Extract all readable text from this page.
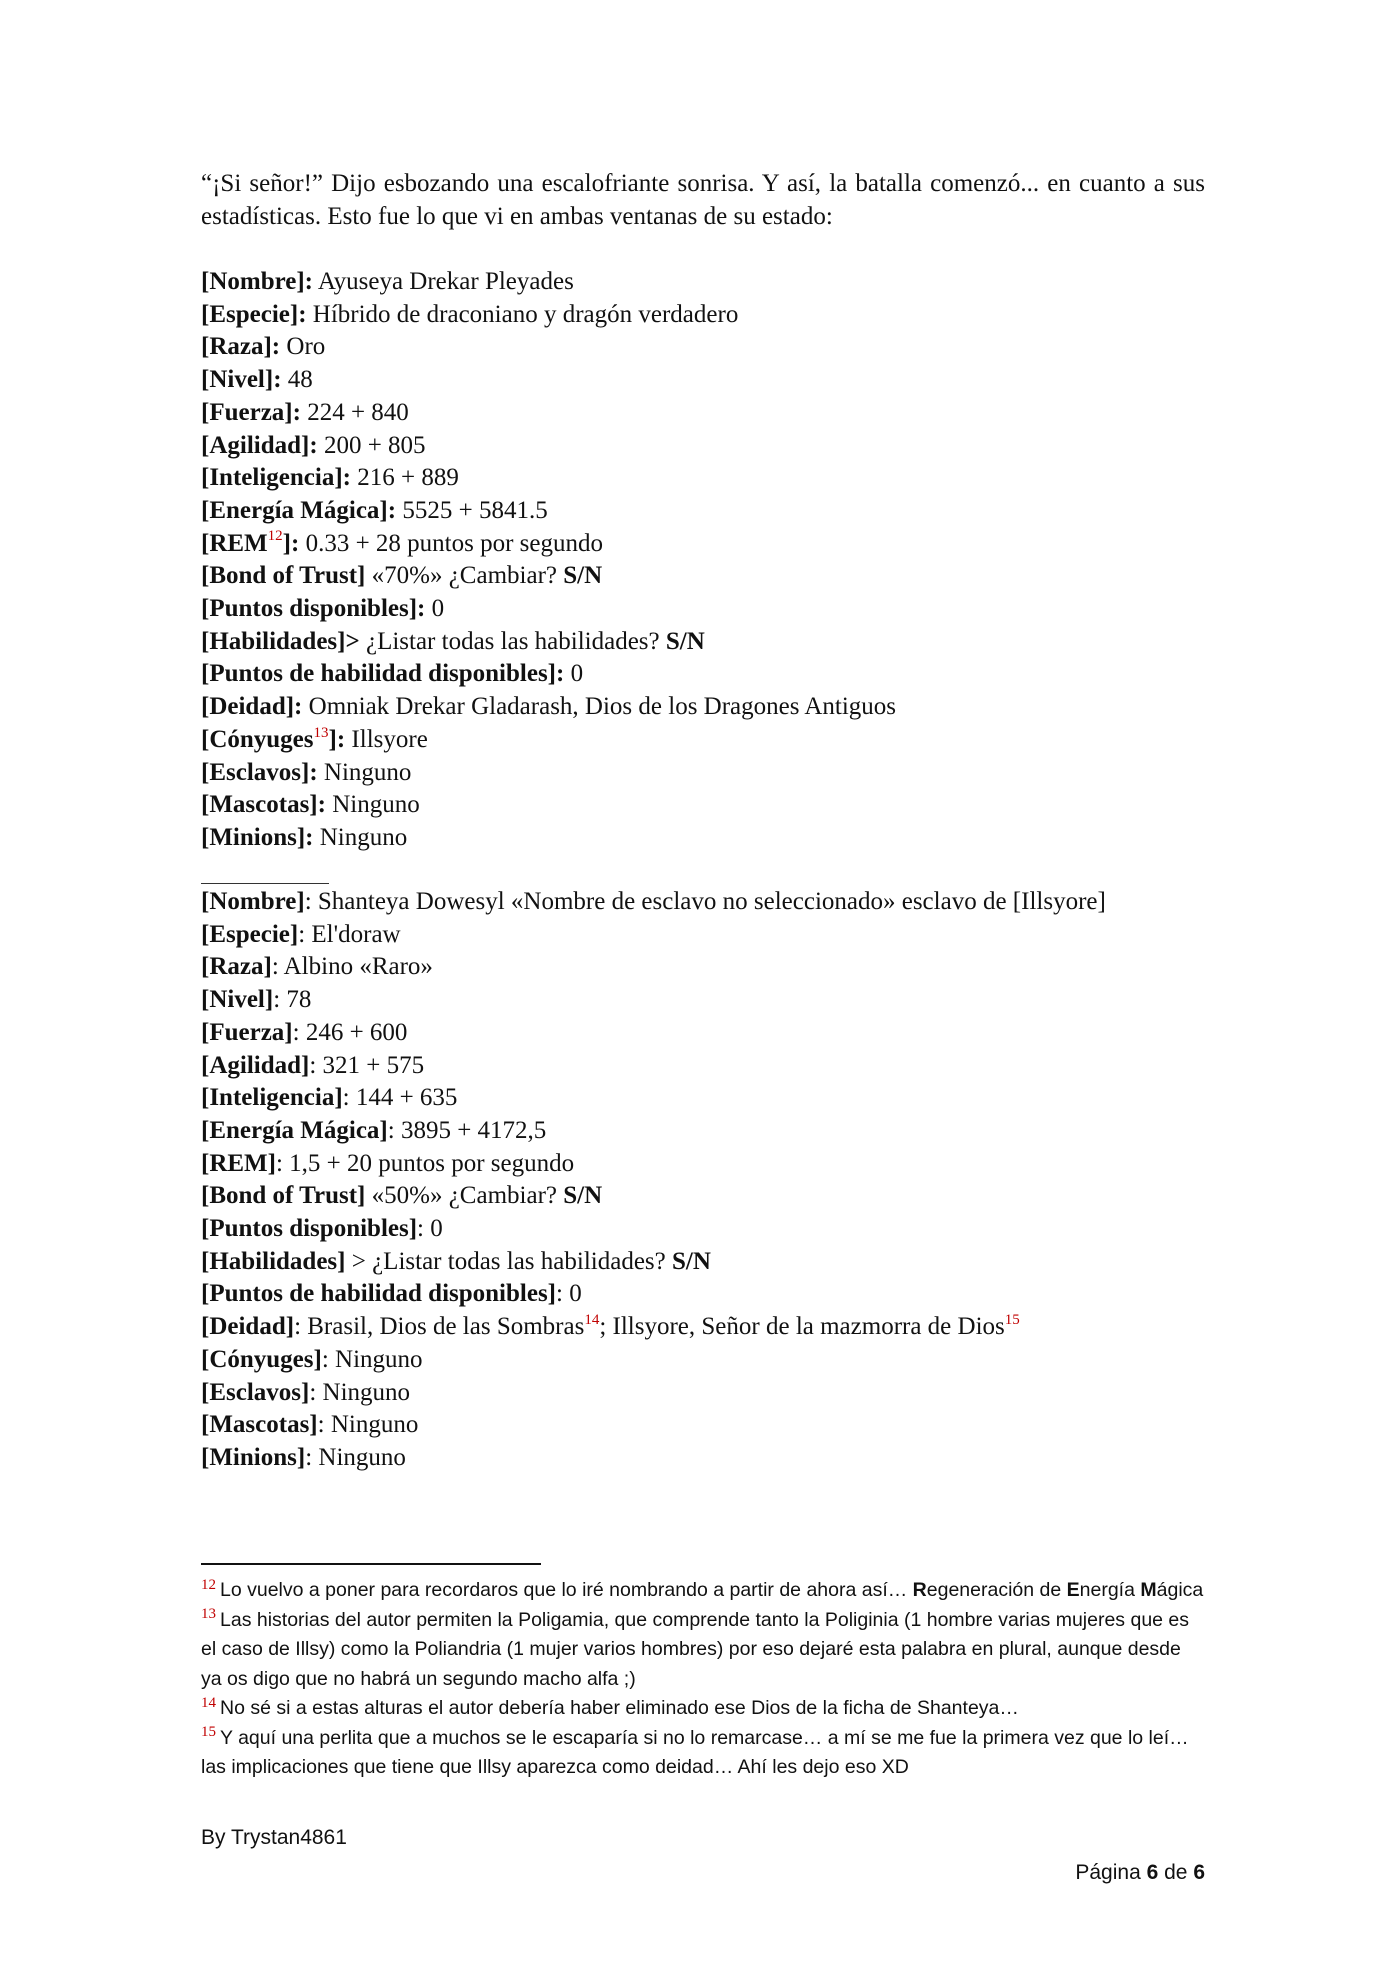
“¡Si señor!” Dijo esbozando una escalofriante sonrisa. Y así, la batalla comenzó... en cuanto a sus estadísticas. Esto fue lo que vi en ambas ventanas de su estado:
[Nombre]: Ayuseya Drekar Pleyades
[Especie]: Híbrido de draconiano y dragón verdadero
[Raza]: Oro
[Nivel]: 48
[Fuerza]: 224 + 840
[Agilidad]: 200 + 805
[Inteligencia]: 216 + 889
[Energía Mágica]: 5525 + 5841.5
[REM$^{12}$]: 0.33 + 28 puntos por segundo
[Bond of Trust] «70%» ¿Cambiar? S/N
[Puntos disponibles]: 0
[Habilidades]> ¿Listar todas las habilidades? S/N
[Puntos de habilidad disponibles]: 0
[Deidad]: Omniak Drekar Gladarash, Dios de los Dragones Antiguos
[Cónyuges$^{13}$]: Illsyore
[Esclavos]: Ninguno
[Mascotas]: Ninguno
[Minions]: Ninguno
[Nombre]: Shanteya Dowesyl «Nombre de esclavo no seleccionado» esclavo de [Illsyore]
[Especie]: El'doraw
[Raza]: Albino «Raro»
[Nivel]: 78
[Fuerza]: 246 + 600
[Agilidad]: 321 + 575
[Inteligencia]: 144 + 635
[Energía Mágica]: 3895 + 4172,5
[REM]: 1,5 + 20 puntos por segundo
[Bond of Trust] «50%» ¿Cambiar? S/N
[Puntos disponibles]: 0
[Habilidades] > ¿Listar todas las habilidades? S/N
[Puntos de habilidad disponibles]: 0
[Deidad]: Brasil, Dios de las Sombras$^{14}$; Illsyore, Señor de la mazmorra de Dios$^{15}$
[Cónyuges]: Ninguno
[Esclavos]: Ninguno
[Mascotas]: Ninguno
[Minions]: Ninguno

$^{12}$ Lo vuelvo a poner para recordaros que lo iré nombrando a partir de ahora así… Regeneración de Energía Mágica

$^{13}$ Las historias del autor permiten la Poligamia, que comprende tanto la Poliginia (1 hombre varias mujeres que es el caso de Illsy) como la Poliandria (1 mujer varios hombres) por eso dejaré esta palabra en plural, aunque desde ya os digo que no habrá un segundo macho alfa ;)

$^{14}$ No sé si a estas alturas el autor debería haber eliminado ese Dios de la ficha de Shanteya…

$^{15}$ Y aquí una perlita que a muchos se le escaparía si no lo remarcase… a mí se me fue la primera vez que lo leí… las implicaciones que tiene que Illsy aparezca como deidad… Ahí les dejo eso XD

By Trystan4861
Página 6 de 6
